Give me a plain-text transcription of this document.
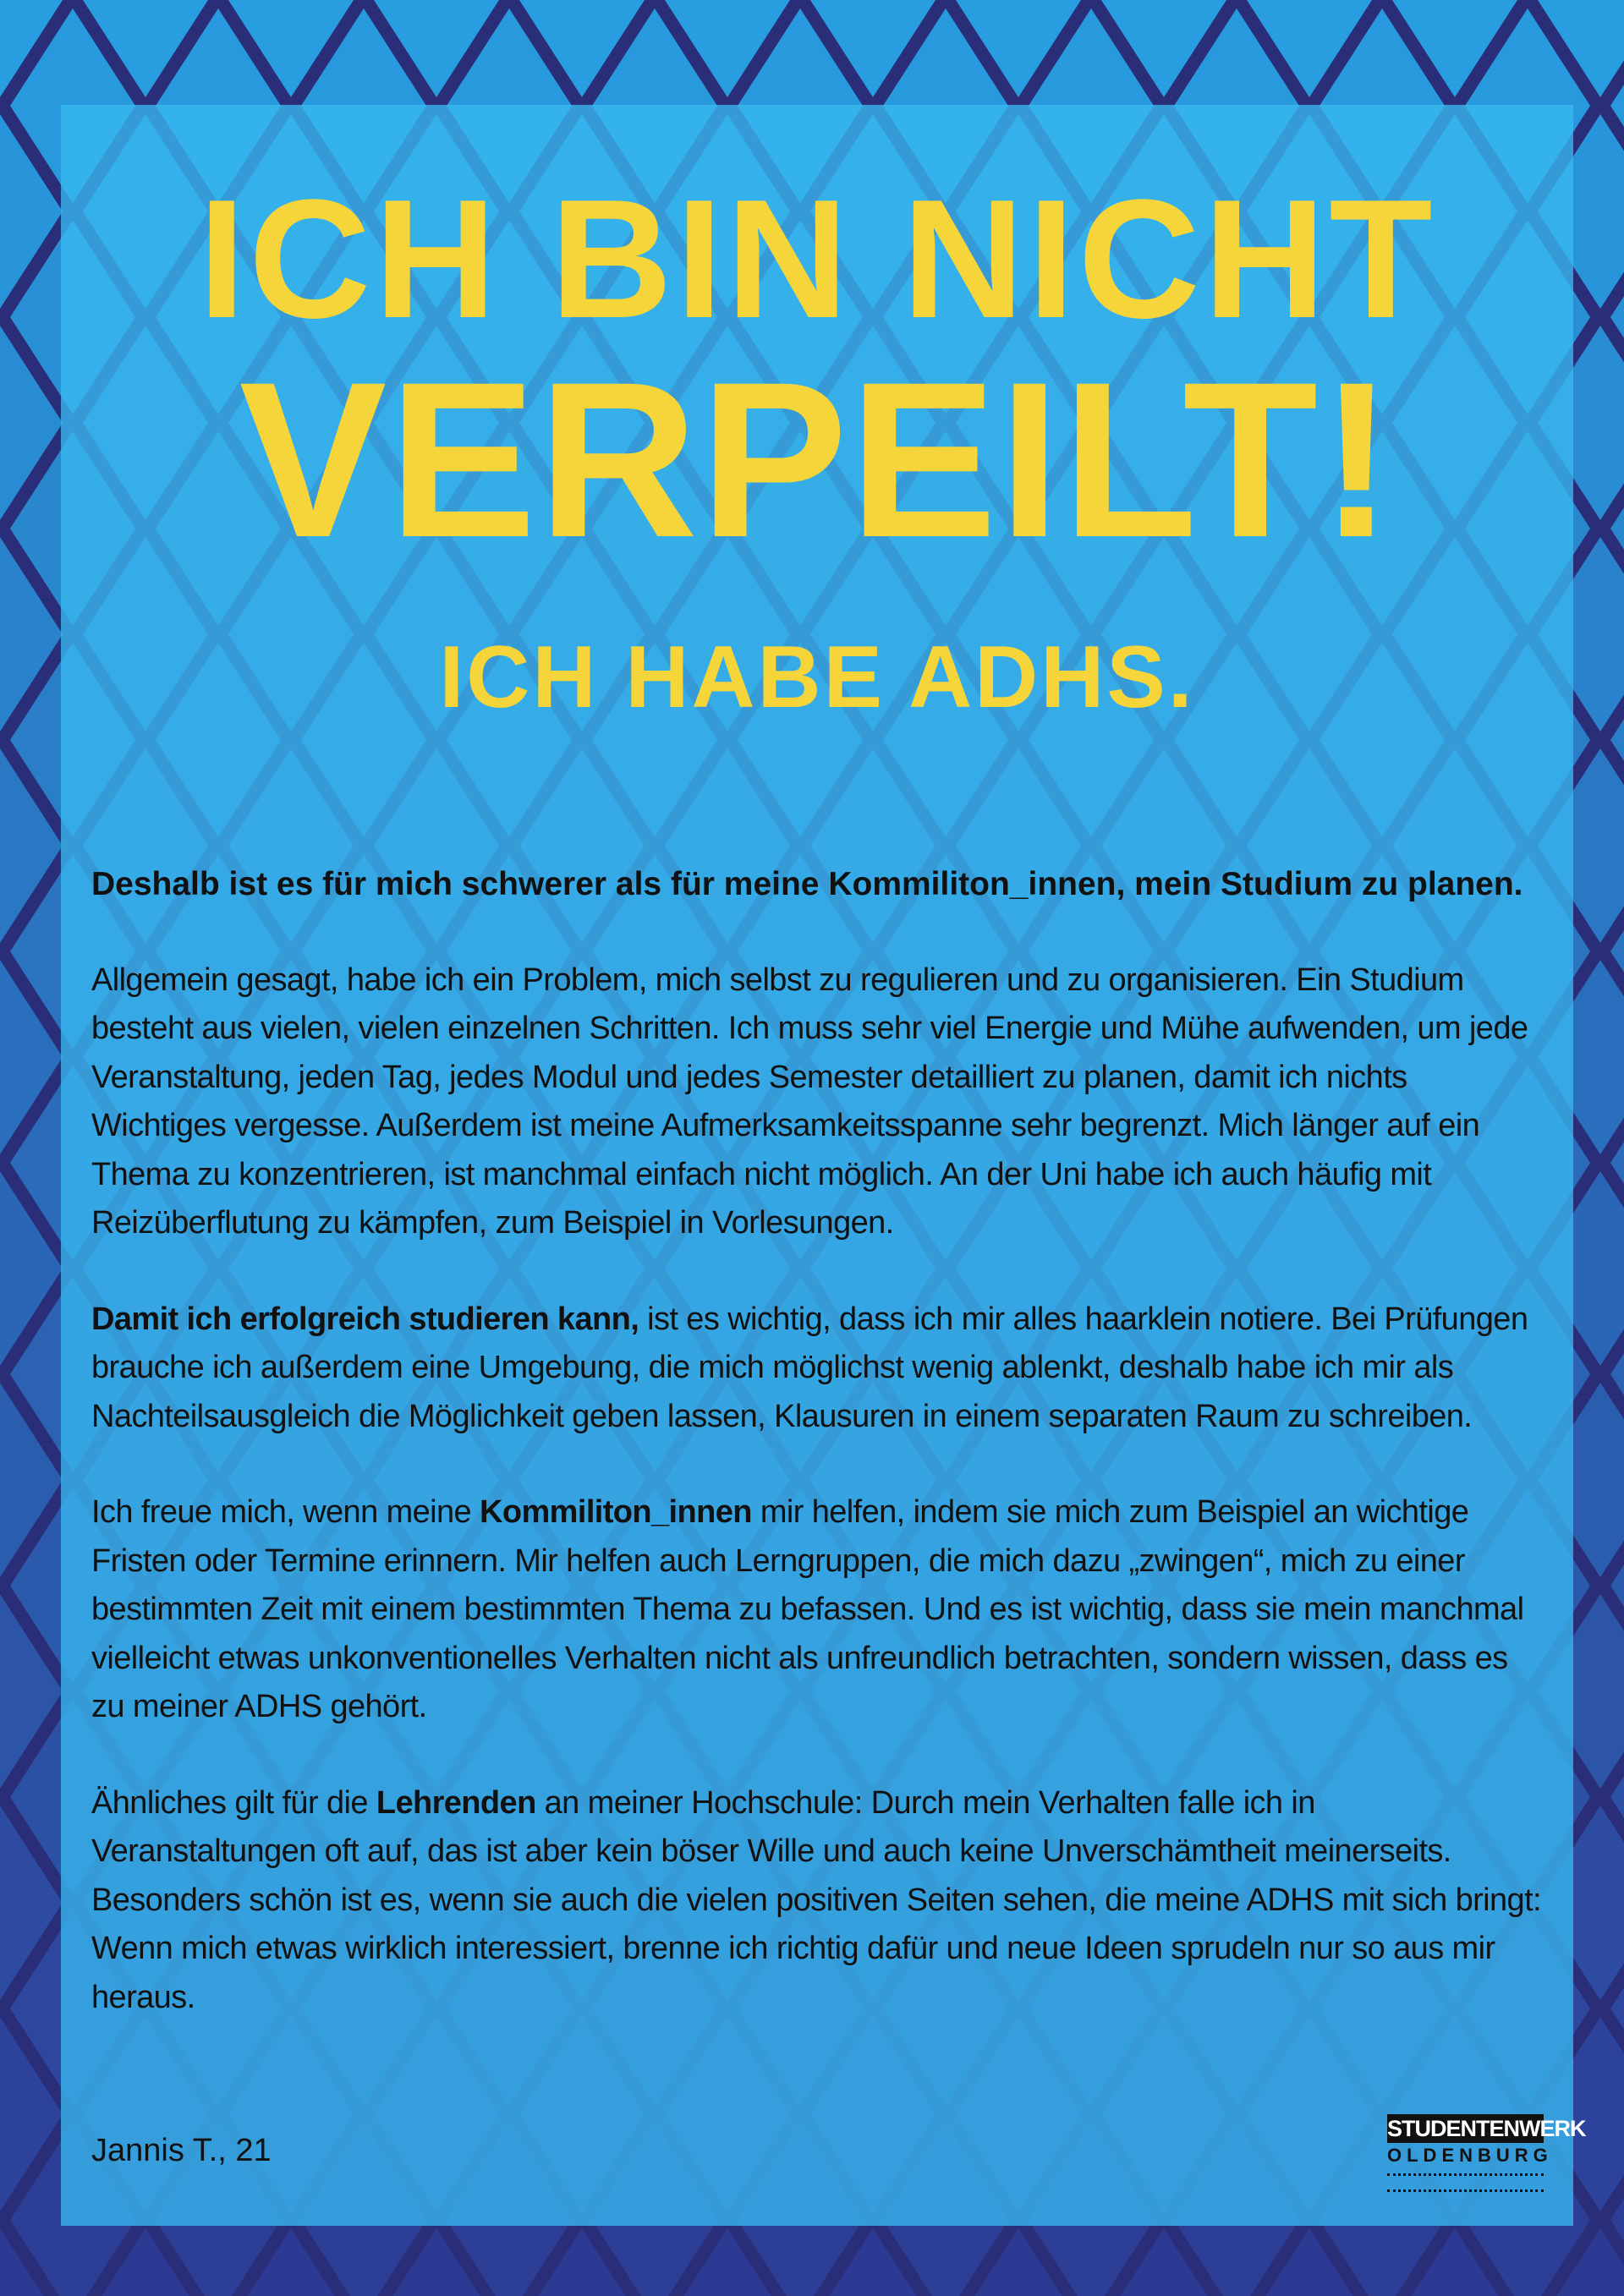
ICH BIN NICHT
VERPEILT!
ICH HABE ADHS.

Deshalb ist es für mich schwerer als für meine Kommiliton_innen, mein Studium zu planen.

Allgemein gesagt, habe ich ein Problem, mich selbst zu regulieren und zu organisieren. Ein Studium besteht aus vielen, vielen einzelnen Schritten. Ich muss sehr viel Energie und Mühe aufwenden, um jede Veranstaltung, jeden Tag, jedes Modul und jedes Semester detailliert zu planen, damit ich nichts Wichtiges vergesse. Außerdem ist meine Aufmerksamkeitsspanne sehr begrenzt. Mich länger auf ein Thema zu konzentrieren, ist manchmal einfach nicht möglich. An der Uni habe ich auch häufig mit Reizüberflutung zu kämpfen, zum Beispiel in Vorlesungen.

Damit ich erfolgreich studieren kann, ist es wichtig, dass ich mir alles haarklein notiere. Bei Prüfungen brauche ich außerdem eine Umgebung, die mich möglichst wenig ablenkt, deshalb habe ich mir als Nachteilsausgleich die Möglichkeit geben lassen, Klausuren in einem separaten Raum zu schreiben.

Ich freue mich, wenn meine Kommiliton_innen mir helfen, indem sie mich zum Beispiel an wichtige Fristen oder Termine erinnern. Mir helfen auch Lerngruppen, die mich dazu „zwingen“, mich zu einer bestimmten Zeit mit einem bestimmten Thema zu befassen. Und es ist wichtig, dass sie mein manchmal vielleicht etwas unkonventionelles Verhalten nicht als unfreundlich betrachten, sondern wissen, dass es zu meiner ADHS gehört.

Ähnliches gilt für die Lehrenden an meiner Hochschule: Durch mein Verhalten falle ich in Veranstaltungen oft auf, das ist aber kein böser Wille und auch keine Unverschämtheit meinerseits. Besonders schön ist es, wenn sie auch die vielen positiven Seiten sehen, die meine ADHS mit sich bringt: Wenn mich etwas wirklich interessiert, brenne ich richtig dafür und neue Ideen sprudeln nur so aus mir heraus.

Jannis T., 21
STUDENTENWERK
OLDENBURG
